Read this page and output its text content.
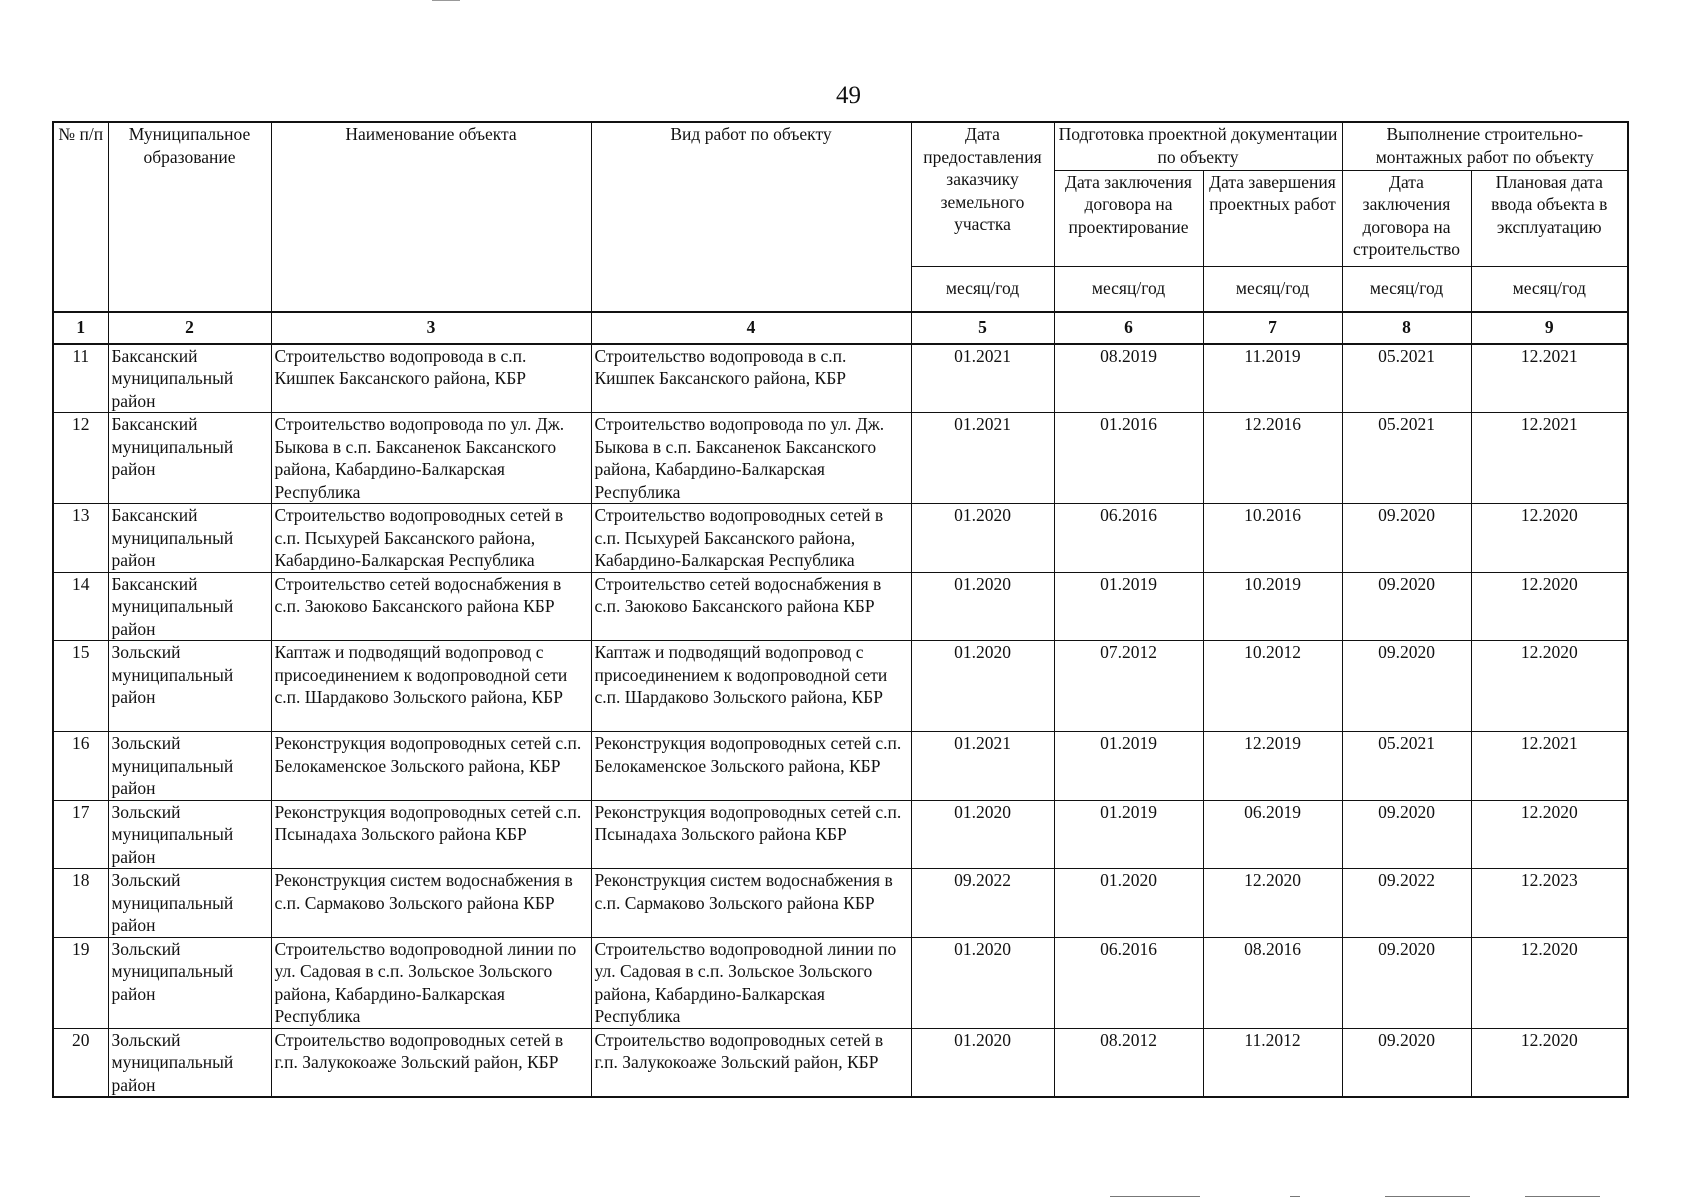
49
№ п/п	Муниципальное образование	Наименование объекта	Вид работ по объекту	Дата предоставления заказчику земельного участка	Подготовка проектной документации по объекту		Выполнение строительно-монтажных работ по объекту	
					Дата заключения договора на проектирование	Дата завершения проектных работ	Дата заключения договора на строительство	Плановая дата ввода объекта в эксплуатацию
				месяц/год	месяц/год	месяц/год	месяц/год	месяц/год
1	2	3	4	5	6	7	8	9
11	Баксанский муниципальный район	Строительство водопровода в с.п. Кишпек Баксанского района, КБР	Строительство водопровода в с.п. Кишпек Баксанского района, КБР	01.2021	08.2019	11.2019	05.2021	12.2021
12	Баксанский муниципальный район	Строительство водопровода по ул. Дж. Быкова в с.п. Баксаненок Баксанского района, Кабардино-Балкарская Республика	Строительство водопровода по ул. Дж. Быкова в с.п. Баксаненок Баксанского района, Кабардино-Балкарская Республика	01.2021	01.2016	12.2016	05.2021	12.2021
13	Баксанский муниципальный район	Строительство водопроводных сетей в с.п. Псыхурей Баксанского района, Кабардино-Балкарская Республика	Строительство водопроводных сетей в с.п. Псыхурей Баксанского района, Кабардино-Балкарская Республика	01.2020	06.2016	10.2016	09.2020	12.2020
14	Баксанский муниципальный район	Строительство сетей водоснабжения в с.п. Заюково Баксанского района КБР	Строительство сетей водоснабжения в с.п. Заюково Баксанского района КБР	01.2020	01.2019	10.2019	09.2020	12.2020
15	Зольский муниципальный район	Каптаж и подводящий водопровод с присоединением к водопроводной сети с.п. Шардаково Зольского района, КБР	Каптаж и подводящий водопровод с присоединением к водопроводной сети с.п. Шардаково Зольского района, КБР	01.2020	07.2012	10.2012	09.2020	12.2020
16	Зольский муниципальный район	Реконструкция водопроводных сетей с.п. Белокаменское Зольского района, КБР	Реконструкция водопроводных сетей с.п. Белокаменское Зольского района, КБР	01.2021	01.2019	12.2019	05.2021	12.2021
17	Зольский муниципальный район	Реконструкция водопроводных сетей с.п. Псынадаха Зольского района КБР	Реконструкция водопроводных сетей с.п. Псынадаха Зольского района КБР	01.2020	01.2019	06.2019	09.2020	12.2020
18	Зольский муниципальный район	Реконструкция систем водоснабжения в с.п. Сармаково Зольского района КБР	Реконструкция систем водоснабжения в с.п. Сармаково Зольского района КБР	09.2022	01.2020	12.2020	09.2022	12.2023
19	Зольский муниципальный район	Строительство водопроводной линии по ул. Садовая в с.п. Зольское Зольского района, Кабардино-Балкарская Республика	Строительство водопроводной линии по ул. Садовая в с.п. Зольское Зольского района, Кабардино-Балкарская Республика	01.2020	06.2016	08.2016	09.2020	12.2020
20	Зольский муниципальный район	Строительство водопроводных сетей в г.п. Залукокоаже Зольский район, КБР	Строительство водопроводных сетей в г.п. Залукокоаже Зольский район, КБР	01.2020	08.2012	11.2012	09.2020	12.2020
